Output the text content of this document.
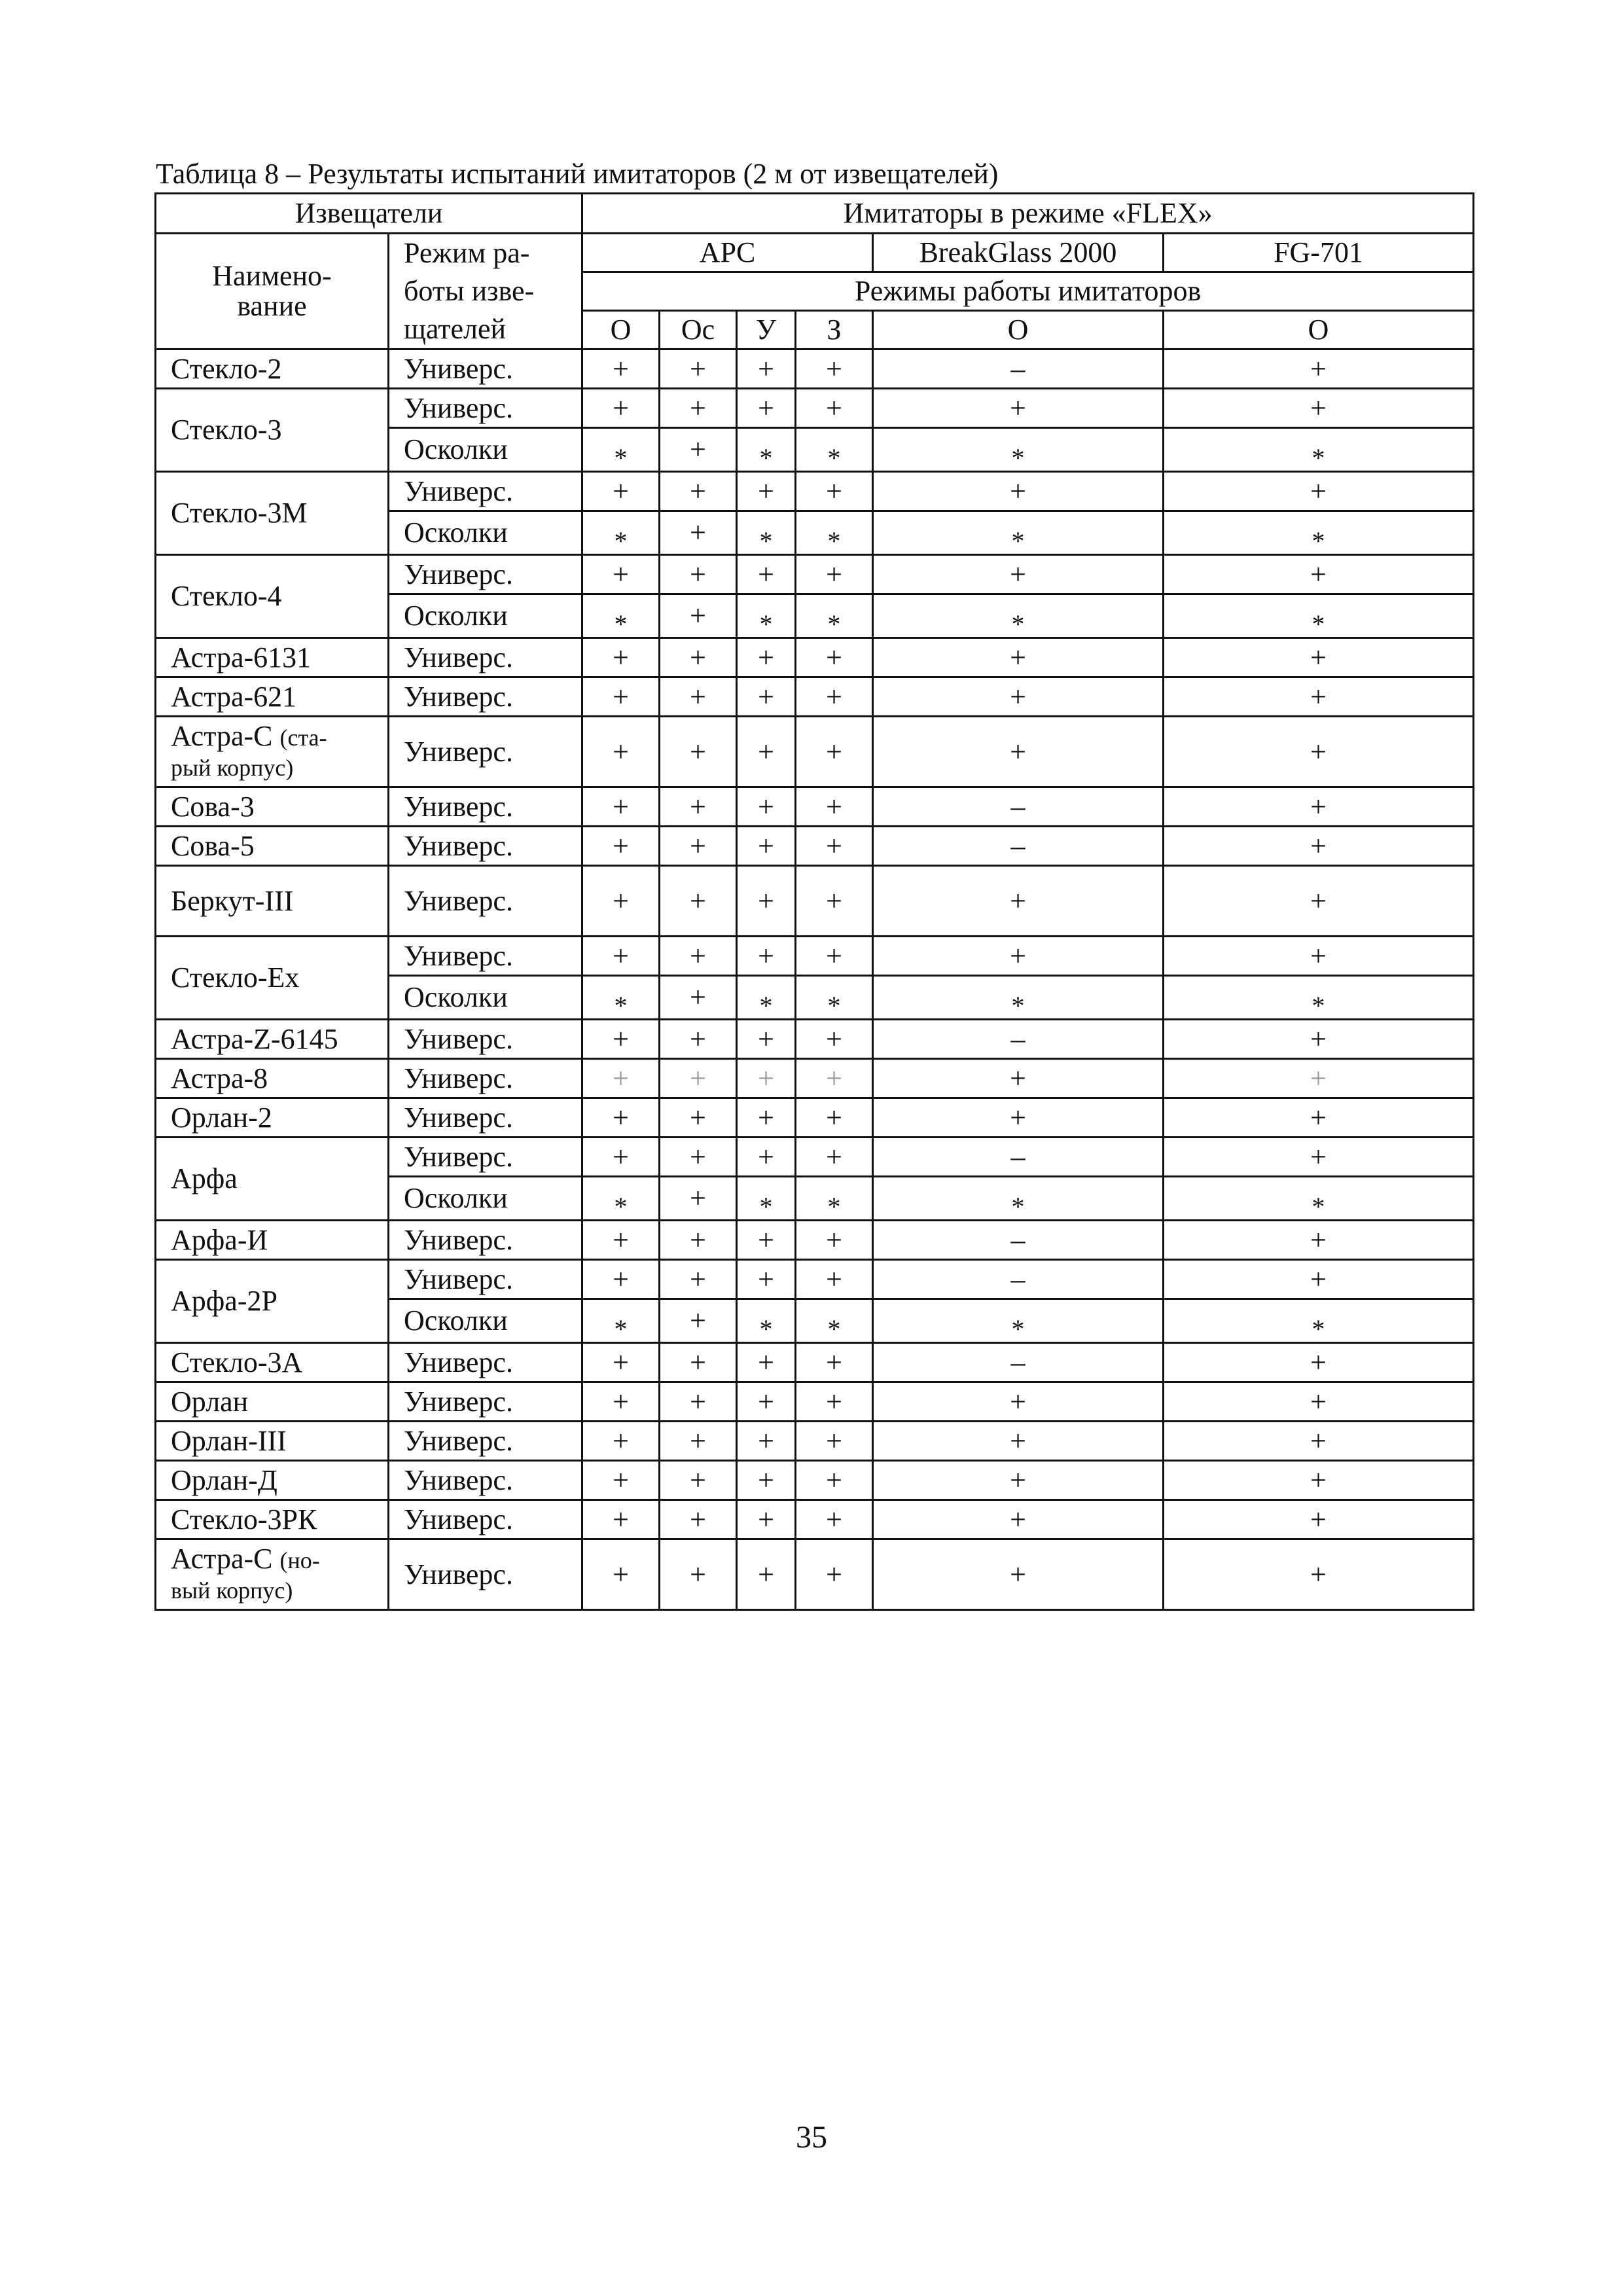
Таблица 8 – Результаты испытаний имитаторов (2 м от извещателей)
Извещатели		Имитаторы в режиме «FLEX»					
Наимено-
вание	Режим ра-
боты изве-
щателей	APC				BreakGlass 2000	FG-701
		Режимы работы имитаторов					
		О	Ос	У	З	О	О
Стекло-2	Универс.	+	+	+	+	–	+
Стекло-3	Универс.	+	+	+	+	+	+
	Осколки	*	+	*	*	*	*
Стекло-3М	Универс.	+	+	+	+	+	+
	Осколки	*	+	*	*	*	*
Стекло-4	Универс.	+	+	+	+	+	+
	Осколки	*	+	*	*	*	*
Астра-6131	Универс.	+	+	+	+	+	+
Астра-621	Универс.	+	+	+	+	+	+
Астра-С (ста-
рый корпус)	Универс.	+	+	+	+	+	+
Сова-3	Универс.	+	+	+	+	–	+
Сова-5	Универс.	+	+	+	+	–	+
Беркут-III	Универс.	+	+	+	+	+	+
Стекло-Ex	Универс.	+	+	+	+	+	+
	Осколки	*	+	*	*	*	*
Астра-Z-6145	Универс.	+	+	+	+	–	+
Астра-8	Универс.	+	+	+	+	+	+
Орлан-2	Универс.	+	+	+	+	+	+
Арфа	Универс.	+	+	+	+	–	+
	Осколки	*	+	*	*	*	*
Арфа-И	Универс.	+	+	+	+	–	+
Арфа-2Р	Универс.	+	+	+	+	–	+
	Осколки	*	+	*	*	*	*
Стекло-3А	Универс.	+	+	+	+	–	+
Орлан	Универс.	+	+	+	+	+	+
Орлан-III	Универс.	+	+	+	+	+	+
Орлан-Д	Универс.	+	+	+	+	+	+
Стекло-3РК	Универс.	+	+	+	+	+	+
Астра-С (но-
вый корпус)	Универс.	+	+	+	+	+	+
35
